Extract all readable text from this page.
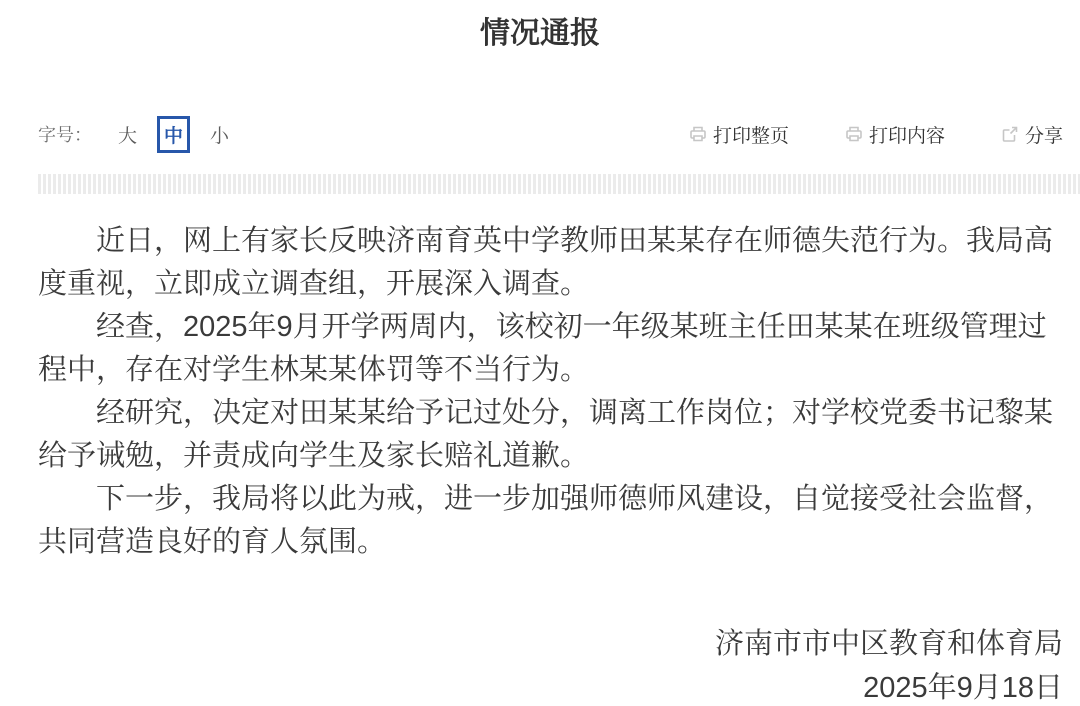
情况通报
字号：	大	中	小	打印整页	打印内容	分享

近日，网上有家长反映济南育英中学教师田某某存在师德失范行为。我局高度重视，立即成立调查组，开展深入调查。

经查，2025年9月开学两周内，该校初一年级某班主任田某某在班级管理过程中，存在对学生林某某体罚等不当行为。

经研究，决定对田某某给予记过处分，调离工作岗位；对学校党委书记黎某给予诫勉，并责成向学生及家长赔礼道歉。

下一步，我局将以此为戒，进一步加强师德师风建设，自觉接受社会监督，共同营造良好的育人氛围。

济南市市中区教育和体育局

2025年9月18日
